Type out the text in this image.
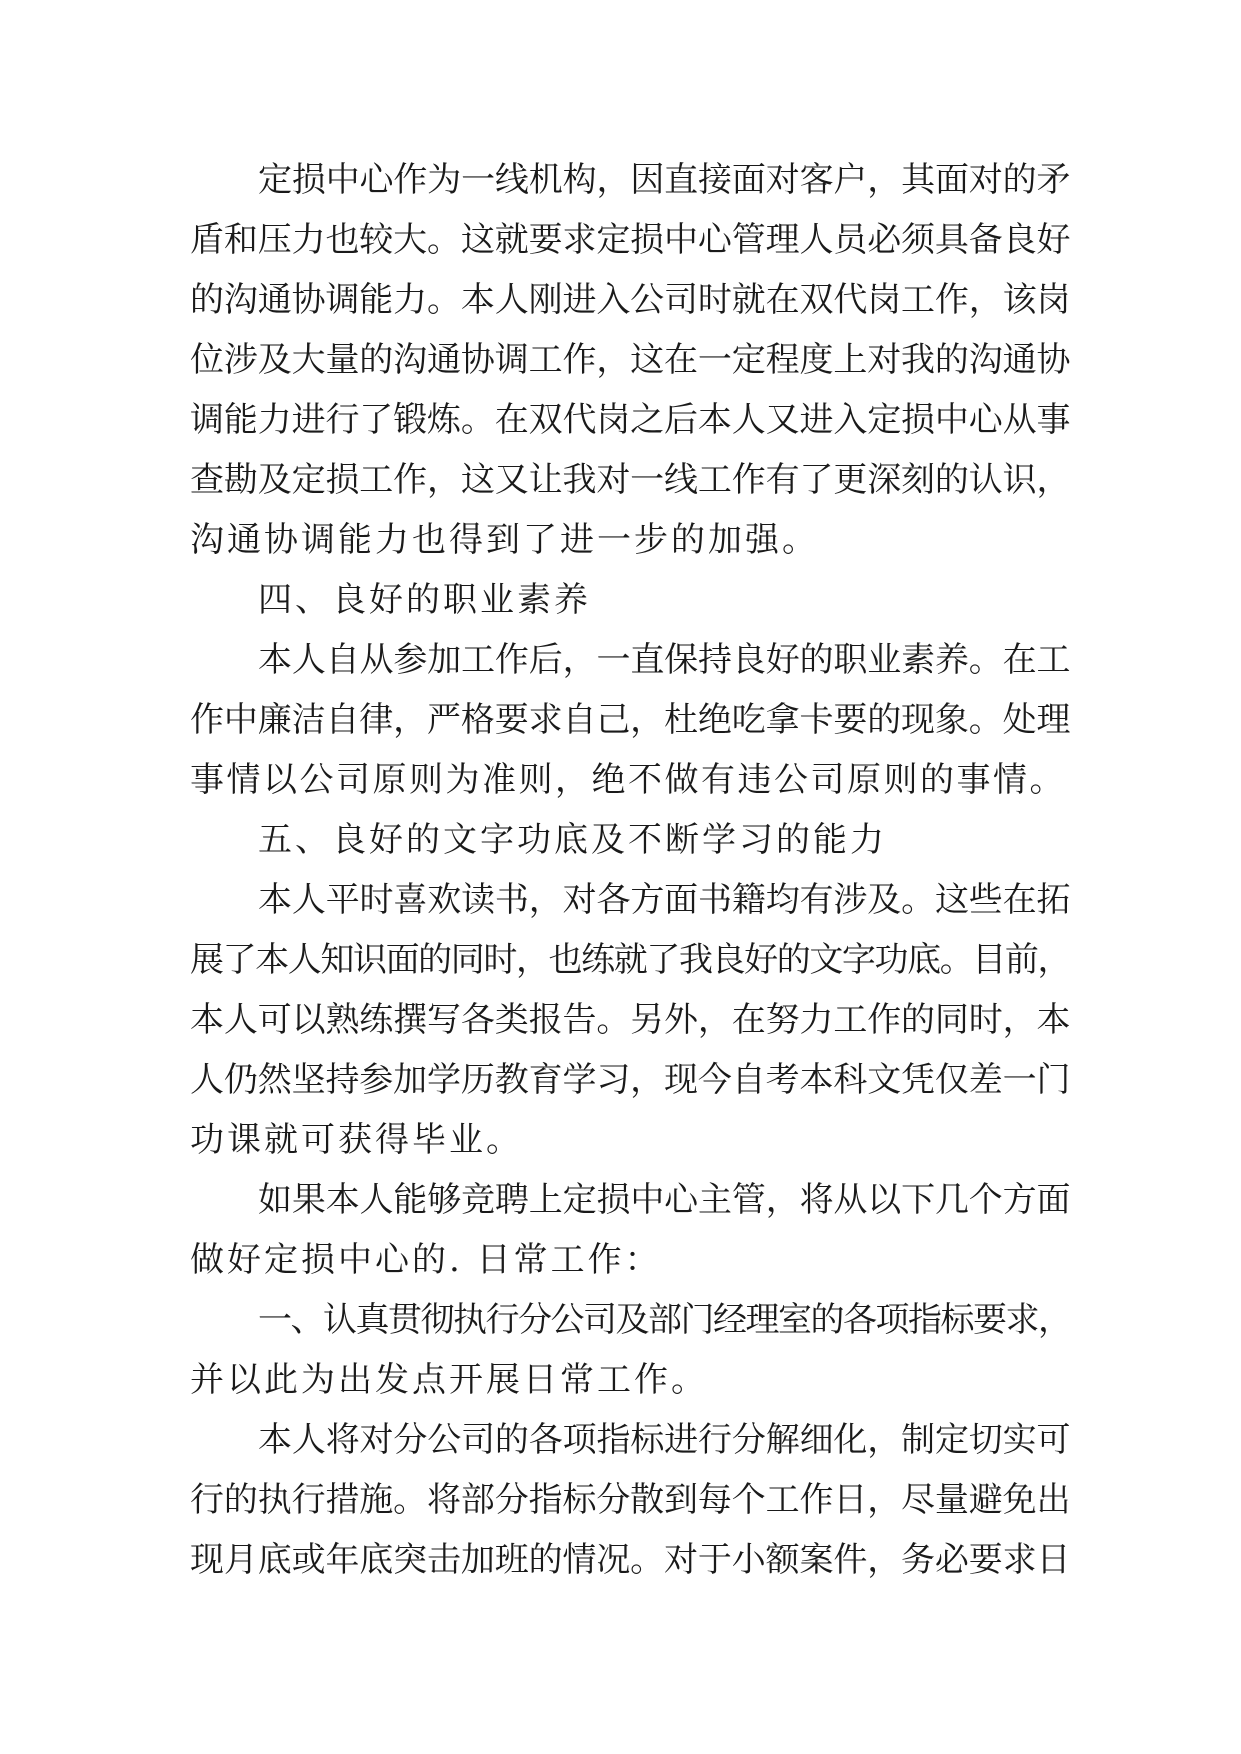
定损中心作为一线机构，因直接面对客户，其面对的矛
盾和压力也较大。这就要求定损中心管理人员必须具备良好
的沟通协调能力。本人刚进入公司时就在双代岗工作，该岗
位涉及大量的沟通协调工作，这在一定程度上对我的沟通协
调能力进行了锻炼。在双代岗之后本人又进入定损中心从事
查勘及定损工作，这又让我对一线工作有了更深刻的认识，
沟通协调能力也得到了进一步的加强。
四、良好的职业素养
本人自从参加工作后，一直保持良好的职业素养。在工
作中廉洁自律，严格要求自己，杜绝吃拿卡要的现象。处理
事情以公司原则为准则，绝不做有违公司原则的事情。
五、良好的文字功底及不断学习的能力
本人平时喜欢读书，对各方面书籍均有涉及。这些在拓
展了本人知识面的同时，也练就了我良好的文字功底。目前，
本人可以熟练撰写各类报告。另外，在努力工作的同时，本
人仍然坚持参加学历教育学习，现今自考本科文凭仅差一门
功课就可获得毕业。
如果本人能够竞聘上定损中心主管，将从以下几个方面
做好定损中心的. 日常工作：
一、认真贯彻执行分公司及部门经理室的各项指标要求，
并以此为出发点开展日常工作。
本人将对分公司的各项指标进行分解细化，制定切实可
行的执行措施。将部分指标分散到每个工作日，尽量避免出
现月底或年底突击加班的情况。对于小额案件，务必要求日
